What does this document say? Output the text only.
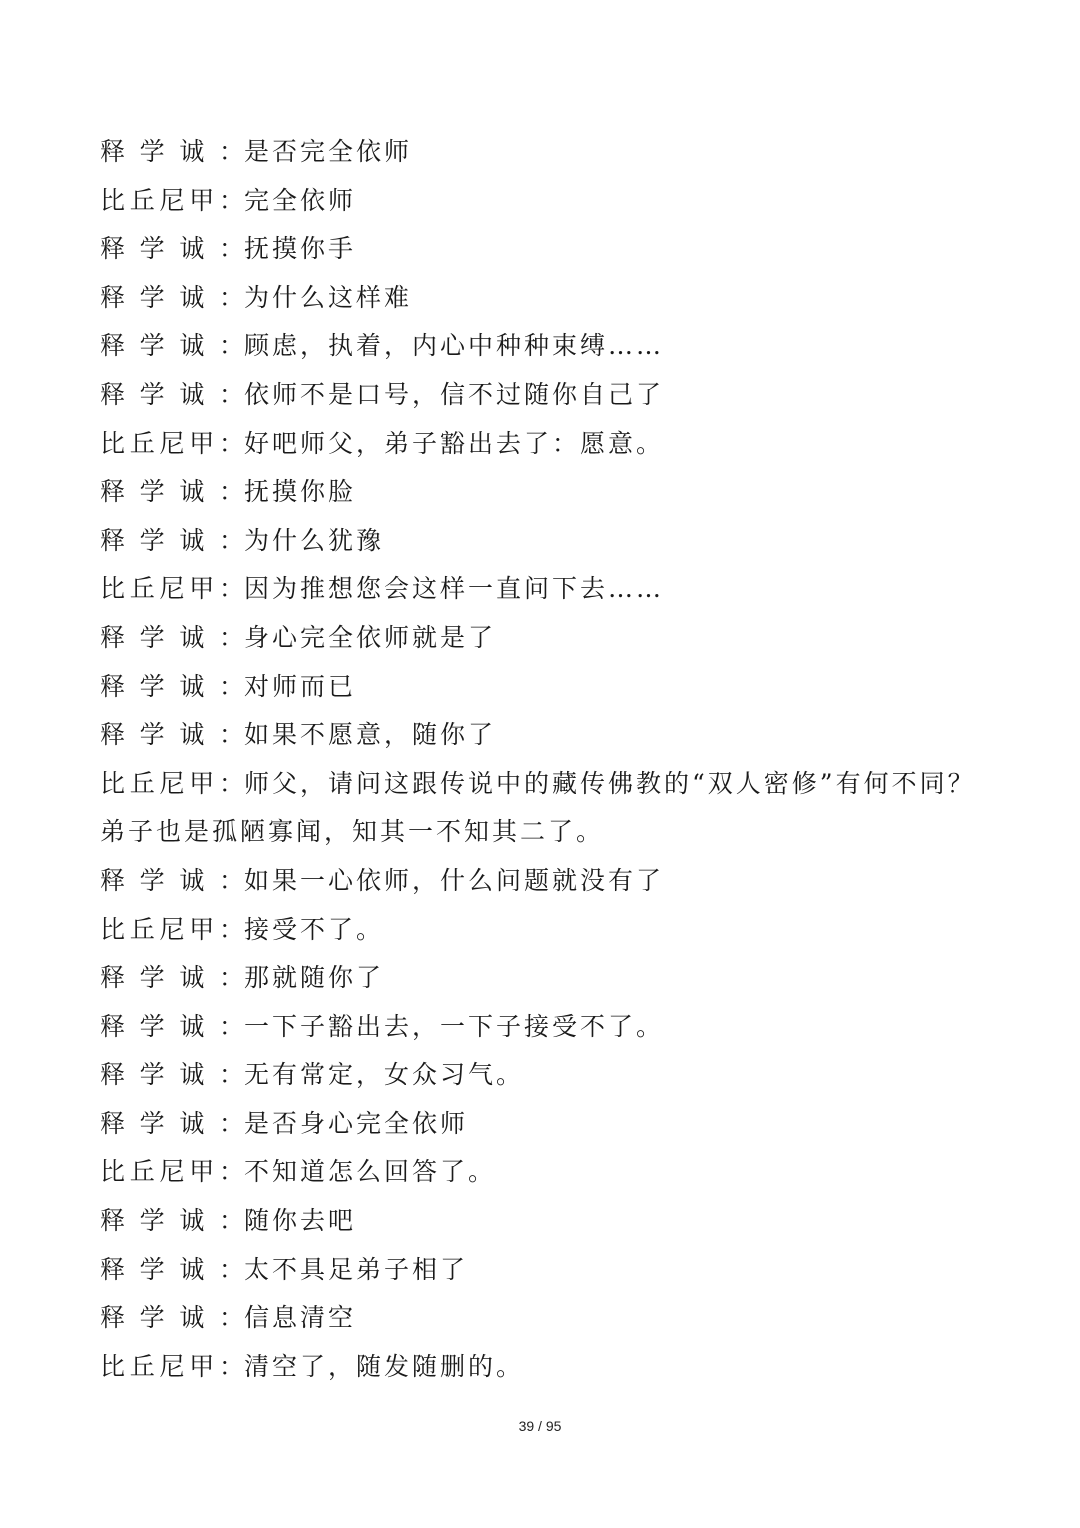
释学诚：是否完全依师
比丘尼甲：完全依师
释学诚：抚摸你手
释学诚：为什么这样难
释学诚：顾虑，执着，内心中种种束缚……
释学诚：依师不是口号，信不过随你自己了
比丘尼甲：好吧师父，弟子豁出去了：愿意。
释学诚：抚摸你脸
释学诚：为什么犹豫
比丘尼甲：因为推想您会这样一直问下去……
释学诚：身心完全依师就是了
释学诚：对师而已
释学诚：如果不愿意，随你了
比丘尼甲：师父，请问这跟传说中的藏传佛教的“双人密修”有何不同？弟子也是孤陋寡闻，知其一不知其二了。
释学诚：如果一心依师，什么问题就没有了
比丘尼甲：接受不了。
释学诚：那就随你了
释学诚：一下子豁出去，一下子接受不了。
释学诚：无有常定，女众习气。
释学诚：是否身心完全依师
比丘尼甲：不知道怎么回答了。
释学诚：随你去吧
释学诚：太不具足弟子相了
释学诚：信息清空
比丘尼甲：清空了，随发随删的。
39 / 95
